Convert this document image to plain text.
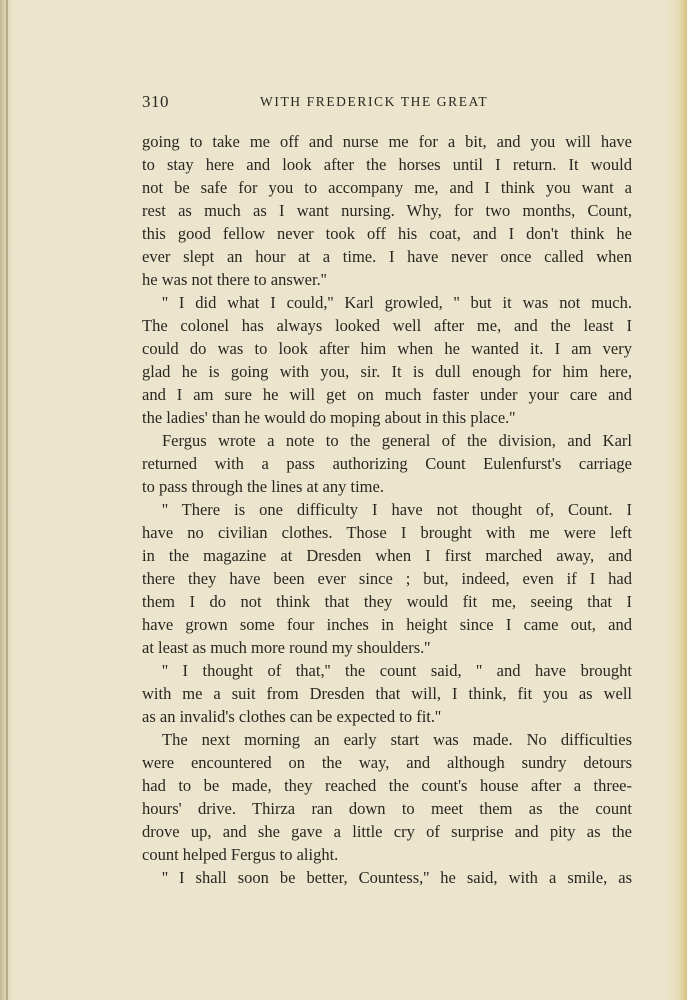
310	WITH FREDERICK THE GREAT
going to take me off and nurse me for a bit, and you will have
to stay here and look after the horses until I return. It would
not be safe for you to accompany me, and I think you want a
rest as much as I want nursing. Why, for two months, Count,
this good fellow never took off his coat, and I don't think he
ever slept an hour at a time. I have never once called when
he was not there to answer.''
'' I did what I could,'' Karl growled, '' but it was not much.
The colonel has always looked well after me, and the least I
could do was to look after him when he wanted it. I am very
glad he is going with you, sir. It is dull enough for him here,
and I am sure he will get on much faster under your care and
the ladies' than he would do moping about in this place.''
Fergus wrote a note to the general of the division, and Karl
returned with a pass authorizing Count Eulenfurst's carriage
to pass through the lines at any time.
'' There is one difficulty I have not thought of, Count. I
have no civilian clothes. Those I brought with me were left
in the magazine at Dresden when I first marched away, and
there they have been ever since ; but, indeed, even if I had
them I do not think that they would fit me, seeing that I
have grown some four inches in height since I came out, and
at least as much more round my shoulders.''
'' I thought of that,'' the count said, '' and have brought
with me a suit from Dresden that will, I think, fit you as well
as an invalid's clothes can be expected to fit.''
The next morning an early start was made. No difficulties
were encountered on the way, and although sundry detours
had to be made, they reached the count's house after a three-
hours' drive. Thirza ran down to meet them as the count
drove up, and she gave a little cry of surprise and pity as the
count helped Fergus to alight.
'' I shall soon be better, Countess,'' he said, with a smile, as
